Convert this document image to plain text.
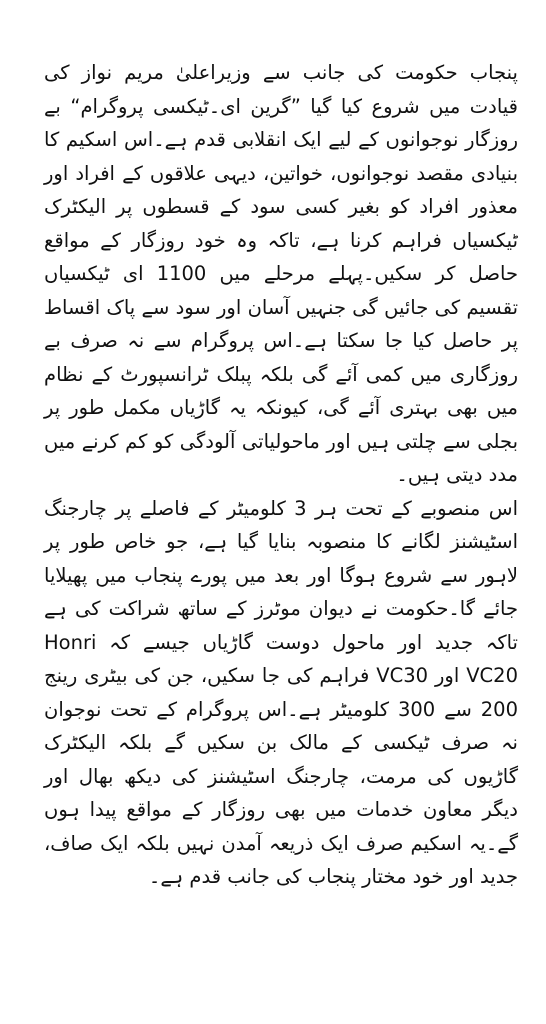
پنجاب حکومت کی جانب سے وزیراعلیٰ مریم نواز کی قیادت میں شروع کیا گیا ”گرین ای۔ٹیکسی پروگرام“ بے روزگار نوجوانوں کے لیے ایک انقلابی قدم ہے۔اس اسکیم کا بنیادی مقصد نوجوانوں، خواتین، دیہی علاقوں کے افراد اور معذور افراد کو بغیر کسی سود کے قسطوں پر الیکٹرک ٹیکسیاں فراہم کرنا ہے، تاکہ وہ خود روزگار کے مواقع حاصل کر سکیں۔پہلے مرحلے میں 1100 ای ٹیکسیاں تقسیم کی جائیں گی جنہیں آسان اور سود سے پاک اقساط پر حاصل کیا جا سکتا ہے۔اس پروگرام سے نہ صرف بے روزگاری میں کمی آئے گی بلکہ پبلک ٹرانسپورٹ کے نظام میں بھی بہتری آئے گی، کیونکہ یہ گاڑیاں مکمل طور پر بجلی سے چلتی ہیں اور ماحولیاتی آلودگی کو کم کرنے میں مدد دیتی ہیں۔

اس منصوبے کے تحت ہر 3 کلومیٹر کے فاصلے پر چارجنگ اسٹیشنز لگانے کا منصوبہ بنایا گیا ہے، جو خاص طور پر لاہور سے شروع ہوگا اور بعد میں پورے پنجاب میں پھیلایا جائے گا۔حکومت نے دیوان موٹرز کے ساتھ شراکت کی ہے تاکہ جدید اور ماحول دوست گاڑیاں جیسے کہ Honri VC20 اور VC30 فراہم کی جا سکیں، جن کی بیٹری رینج 200 سے 300 کلومیٹر ہے۔اس پروگرام کے تحت نوجوان نہ صرف ٹیکسی کے مالک بن سکیں گے بلکہ الیکٹرک گاڑیوں کی مرمت، چارجنگ اسٹیشنز کی دیکھ بھال اور دیگر معاون خدمات میں بھی روزگار کے مواقع پیدا ہوں گے۔یہ اسکیم صرف ایک ذریعہ آمدن نہیں بلکہ ایک صاف، جدید اور خود مختار پنجاب کی جانب قدم ہے۔
